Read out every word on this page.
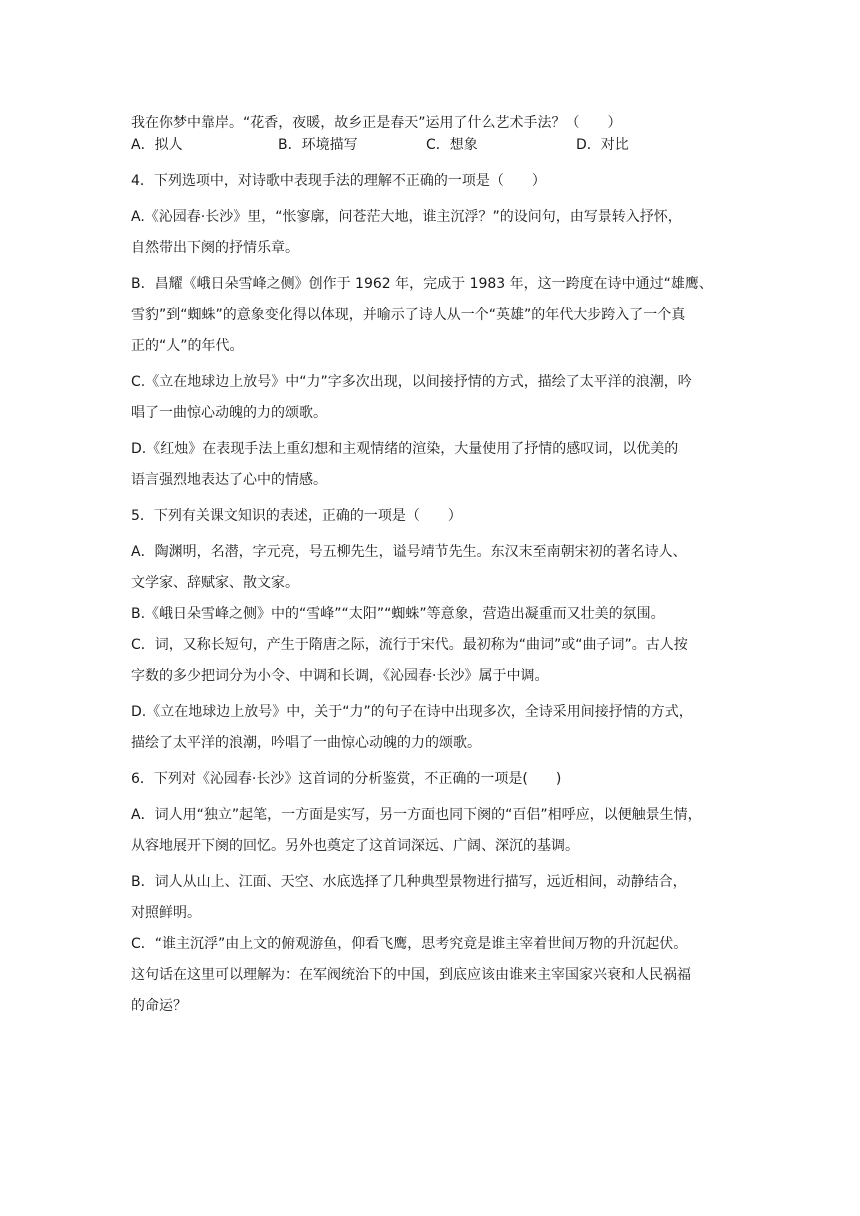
我在你梦中靠岸。“花香，夜暖，故乡正是春天”运用了什么艺术手法？（　　）

A．拟人	B．环境描写	C．想象	D．对比

4．下列选项中，对诗歌中表现手法的理解不正确的一项是（　　）

A.《沁园春·长沙》里，“怅寥廓，问苍茫大地，谁主沉浮？”的设问句，由写景转入抒怀，

自然带出下阕的抒情乐章。

B．昌耀《峨日朵雪峰之侧》创作于 1962 年，完成于 1983 年，这一跨度在诗中通过“雄鹰、

雪豹”到“蜘蛛”的意象变化得以体现，并喻示了诗人从一个“英雄”的年代大步跨入了一个真

正的“人”的年代。

C.《立在地球边上放号》中“力”字多次出现，以间接抒情的方式，描绘了太平洋的浪潮，吟

唱了一曲惊心动魄的力的颂歌。

D.《红烛》在表现手法上重幻想和主观情绪的渲染，大量使用了抒情的感叹词，以优美的

语言强烈地表达了心中的情感。

5．下列有关课文知识的表述，正确的一项是（　　）

A．陶渊明，名潜，字元亮，号五柳先生，谥号靖节先生。东汉末至南朝宋初的著名诗人、

文学家、辞赋家、散文家。

B.《峨日朵雪峰之侧》中的“雪峰”“太阳”“蜘蛛”等意象，营造出凝重而又壮美的氛围。

C．词，又称长短句，产生于隋唐之际，流行于宋代。最初称为“曲词”或“曲子词”。古人按

字数的多少把词分为小令、中调和长调，《沁园春·长沙》属于中调。

D.《立在地球边上放号》中，关于“力”的句子在诗中出现多次，全诗采用间接抒情的方式，

描绘了太平洋的浪潮，吟唱了一曲惊心动魄的力的颂歌。

6．下列对《沁园春·长沙》这首词的分析鉴赏，不正确的一项是(　　)

A．词人用“独立”起笔，一方面是实写，另一方面也同下阕的“百侣”相呼应，以便触景生情，

从容地展开下阕的回忆。另外也奠定了这首词深远、广阔、深沉的基调。

B．词人从山上、江面、天空、水底选择了几种典型景物进行描写，远近相间，动静结合，

对照鲜明。

C．“谁主沉浮”由上文的俯观游鱼，仰看飞鹰，思考究竟是谁主宰着世间万物的升沉起伏。

这句话在这里可以理解为：在军阀统治下的中国，到底应该由谁来主宰国家兴衰和人民祸福

的命运？
